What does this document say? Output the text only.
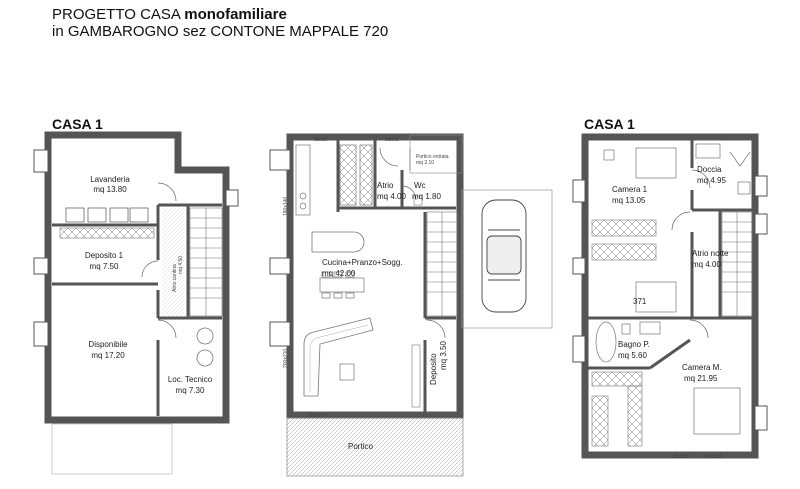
PROGETTO CASA monofamiliare
in GAMBAROGNO sez CONTONE MAPPALE 720
CASA 1	CASA 1
Lavanderia
mq 13.80
Deposito 1
mq 7.50
Disponibile
mq 17.20
Loc. Tecnico
mq 7.30
Atrio cantina mq 4.50
90x80	60x60
180x140
200x210
220x210
Cucina+Pranzo+Sogg.
mq 42.00
Atrio
mq 4.00
Wc
mq 1.80
Portico entrata
mq 2.10
Deposito mq 3.50
Portico
Camera 1
mq 13.05
Doccia
mq 4.95
Atrio notte
mq 4.00
Bagno P.
mq 5.60
Camera M.
mq 21.95
371
135x215	80x215
